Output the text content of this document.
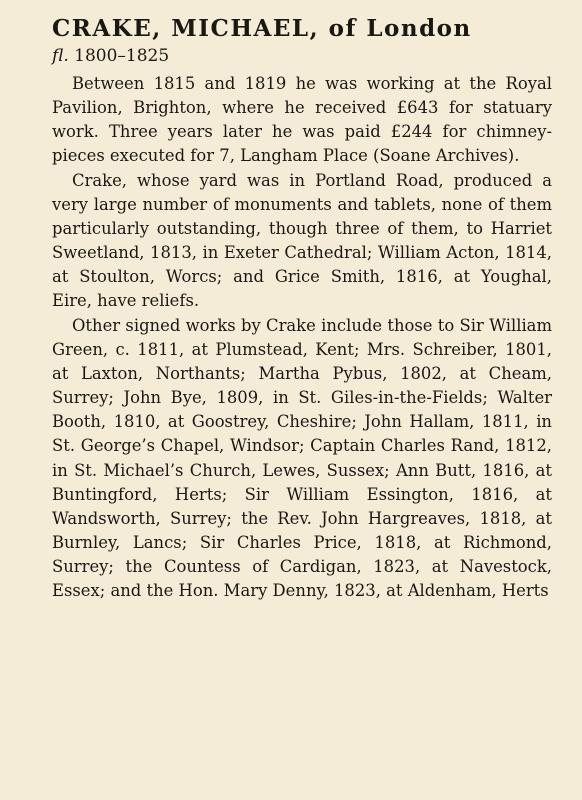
CRAKE, MICHAEL, of London
fl. 1800–1825

Between 1815 and 1819 he was working at the Royal Pavilion, Brighton, where he received £643 for statuary work. Three years later he was paid £244 for chimney-pieces executed for 7, Langham Place (Soane Archives).

Crake, whose yard was in Portland Road, produced a very large number of monuments and tablets, none of them particularly outstanding, though three of them, to Harriet Sweetland, 1813, in Exeter Cathedral; William Acton, 1814, at Stoulton, Worcs; and Grice Smith, 1816, at Youghal, Eire, have reliefs.

Other signed works by Crake include those to Sir William Green, c. 1811, at Plumstead, Kent; Mrs. Schreiber, 1801, at Laxton, Northants; Martha Pybus, 1802, at Cheam, Surrey; John Bye, 1809, in St. Giles-in-the-Fields; Walter Booth, 1810, at Goostrey, Cheshire; John Hallam, 1811, in St. George’s Chapel, Windsor; Captain Charles Rand, 1812, in St. Michael’s Church, Lewes, Sussex; Ann Butt, 1816, at Buntingford, Herts; Sir William Essington, 1816, at Wandsworth, Surrey; the Rev. John Hargreaves, 1818, at Burnley, Lancs; Sir Charles Price, 1818, at Richmond, Surrey; the Countess of Cardigan, 1823, at Navestock, Essex; and the Hon. Mary Denny, 1823, at Aldenham, Herts
